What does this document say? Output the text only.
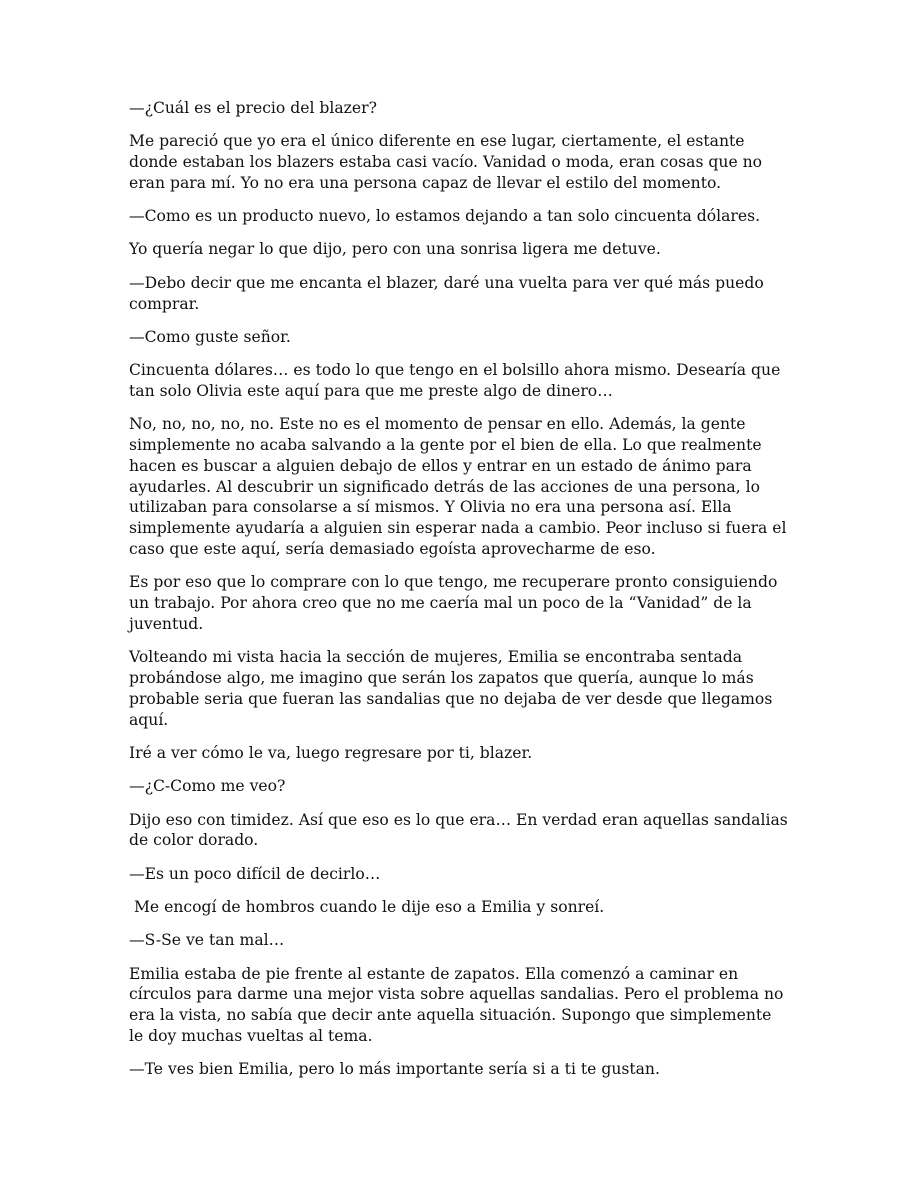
—¿Cuál es el precio del blazer?

Me pareció que yo era el único diferente en ese lugar, ciertamente, el estante donde estaban los blazers estaba casi vacío. Vanidad o moda, eran cosas que no eran para mí. Yo no era una persona capaz de llevar el estilo del momento.

—Como es un producto nuevo, lo estamos dejando a tan solo cincuenta dólares.

Yo quería negar lo que dijo, pero con una sonrisa ligera me detuve.

—Debo decir que me encanta el blazer, daré una vuelta para ver qué más puedo comprar.

—Como guste señor.

Cincuenta dólares… es todo lo que tengo en el bolsillo ahora mismo. Desearía que tan solo Olivia este aquí para que me preste algo de dinero…

No, no, no, no, no. Este no es el momento de pensar en ello. Además, la gente simplemente no acaba salvando a la gente por el bien de ella. Lo que realmente hacen es buscar a alguien debajo de ellos y entrar en un estado de ánimo para ayudarles. Al descubrir un significado detrás de las acciones de una persona, lo utilizaban para consolarse a sí mismos. Y Olivia no era una persona así. Ella simplemente ayudaría a alguien sin esperar nada a cambio. Peor incluso si fuera el caso que este aquí, sería demasiado egoísta aprovecharme de eso.

Es por eso que lo comprare con lo que tengo, me recuperare pronto consiguiendo un trabajo. Por ahora creo que no me caería mal un poco de la “Vanidad” de la juventud.

Volteando mi vista hacia la sección de mujeres, Emilia se encontraba sentada probándose algo, me imagino que serán los zapatos que quería, aunque lo más probable seria que fueran las sandalias que no dejaba de ver desde que llegamos aquí.

Iré a ver cómo le va, luego regresare por ti, blazer.

—¿C-Como me veo?

Dijo eso con timidez. Así que eso es lo que era… En verdad eran aquellas sandalias de color dorado.

—Es un poco difícil de decirlo…

Me encogí de hombros cuando le dije eso a Emilia y sonreí.

—S-Se ve tan mal…

Emilia estaba de pie frente al estante de zapatos. Ella comenzó a caminar en círculos para darme una mejor vista sobre aquellas sandalias. Pero el problema no era la vista, no sabía que decir ante aquella situación. Supongo que simplemente le doy muchas vueltas al tema.

—Te ves bien Emilia, pero lo más importante sería si a ti te gustan.
